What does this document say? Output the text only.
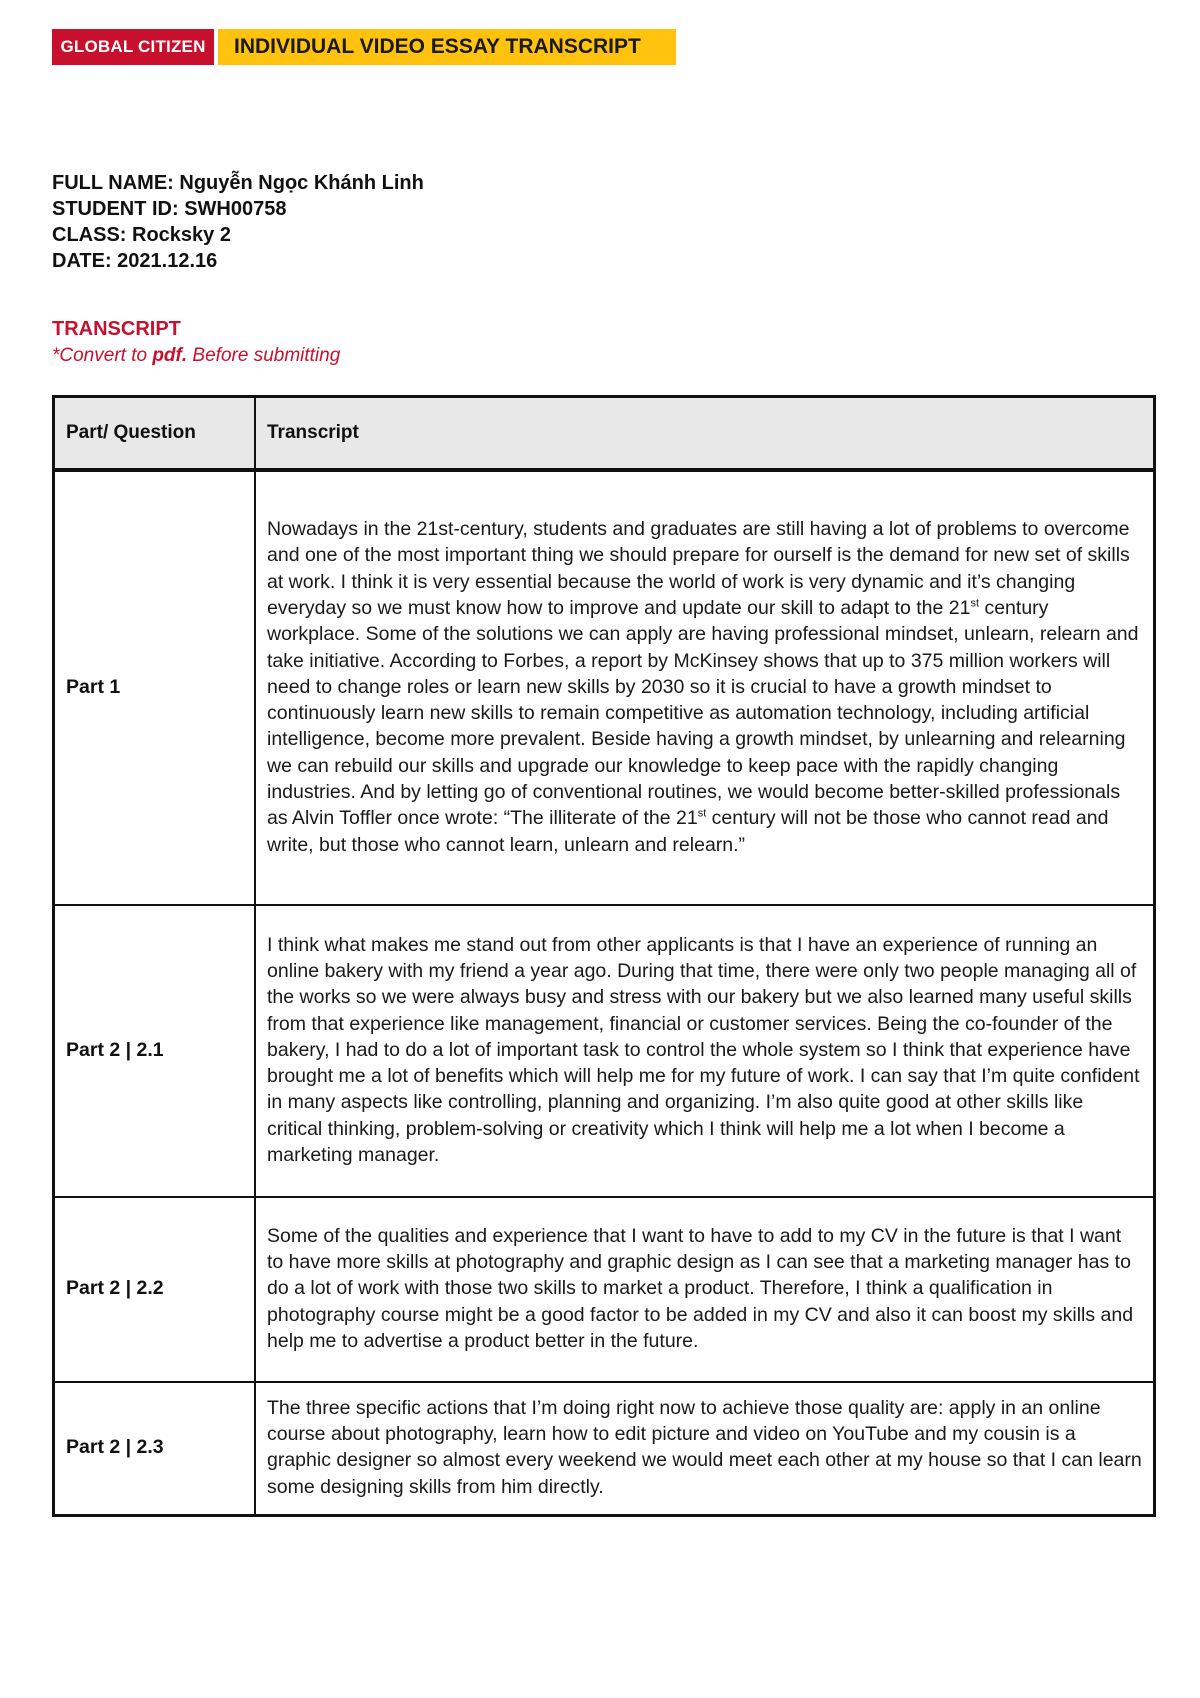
GLOBAL CITIZEN	INDIVIDUAL VIDEO ESSAY TRANSCRIPT
FULL NAME: Nguyễn Ngọc Khánh Linh
STUDENT ID: SWH00758
CLASS: Rocksky 2
DATE: 2021.12.16
TRANSCRIPT
*Convert to pdf. Before submitting
Part/ Question	Transcript
Part 1	Nowadays in the 21st-century, students and graduates are still having a lot of problems to overcome and one of the most important thing we should prepare for ourself is the demand for new set of skills at work. I think it is very essential because the world of work is very dynamic and it’s changing everyday so we must know how to improve and update our skill to adapt to the 21st century workplace. Some of the solutions we can apply are having professional mindset, unlearn, relearn and take initiative. According to Forbes, a report by McKinsey shows that up to 375 million workers will need to change roles or learn new skills by 2030 so it is crucial to have a growth mindset to continuously learn new skills to remain competitive as automation technology, including artificial intelligence, become more prevalent. Beside having a growth mindset, by unlearning and relearning we can rebuild our skills and upgrade our knowledge to keep pace with the rapidly changing industries. And by letting go of conventional routines, we would become better-skilled professionals as Alvin Toffler once wrote: “The illiterate of the 21st century will not be those who cannot read and write, but those who cannot learn, unlearn and relearn.”
Part 2 | 2.1	I think what makes me stand out from other applicants is that I have an experience of running an online bakery with my friend a year ago. During that time, there were only two people managing all of the works so we were always busy and stress with our bakery but we also learned many useful skills from that experience like management, financial or customer services. Being the co-founder of the bakery, I had to do a lot of important task to control the whole system so I think that experience have brought me a lot of benefits which will help me for my future of work. I can say that I’m quite confident in many aspects like controlling, planning and organizing. I’m also quite good at other skills like critical thinking, problem-solving or creativity which I think will help me a lot when I become a marketing manager.
Part 2 | 2.2	Some of the qualities and experience that I want to have to add to my CV in the future is that I want to have more skills at photography and graphic design as I can see that a marketing manager has to do a lot of work with those two skills to market a product. Therefore, I think a qualification in photography course might be a good factor to be added in my CV and also it can boost my skills and help me to advertise a product better in the future.
Part 2 | 2.3	The three specific actions that I’m doing right now to achieve those quality are: apply in an online course about photography, learn how to edit picture and video on YouTube and my cousin is a graphic designer so almost every weekend we would meet each other at my house so that I can learn some designing skills from him directly.
